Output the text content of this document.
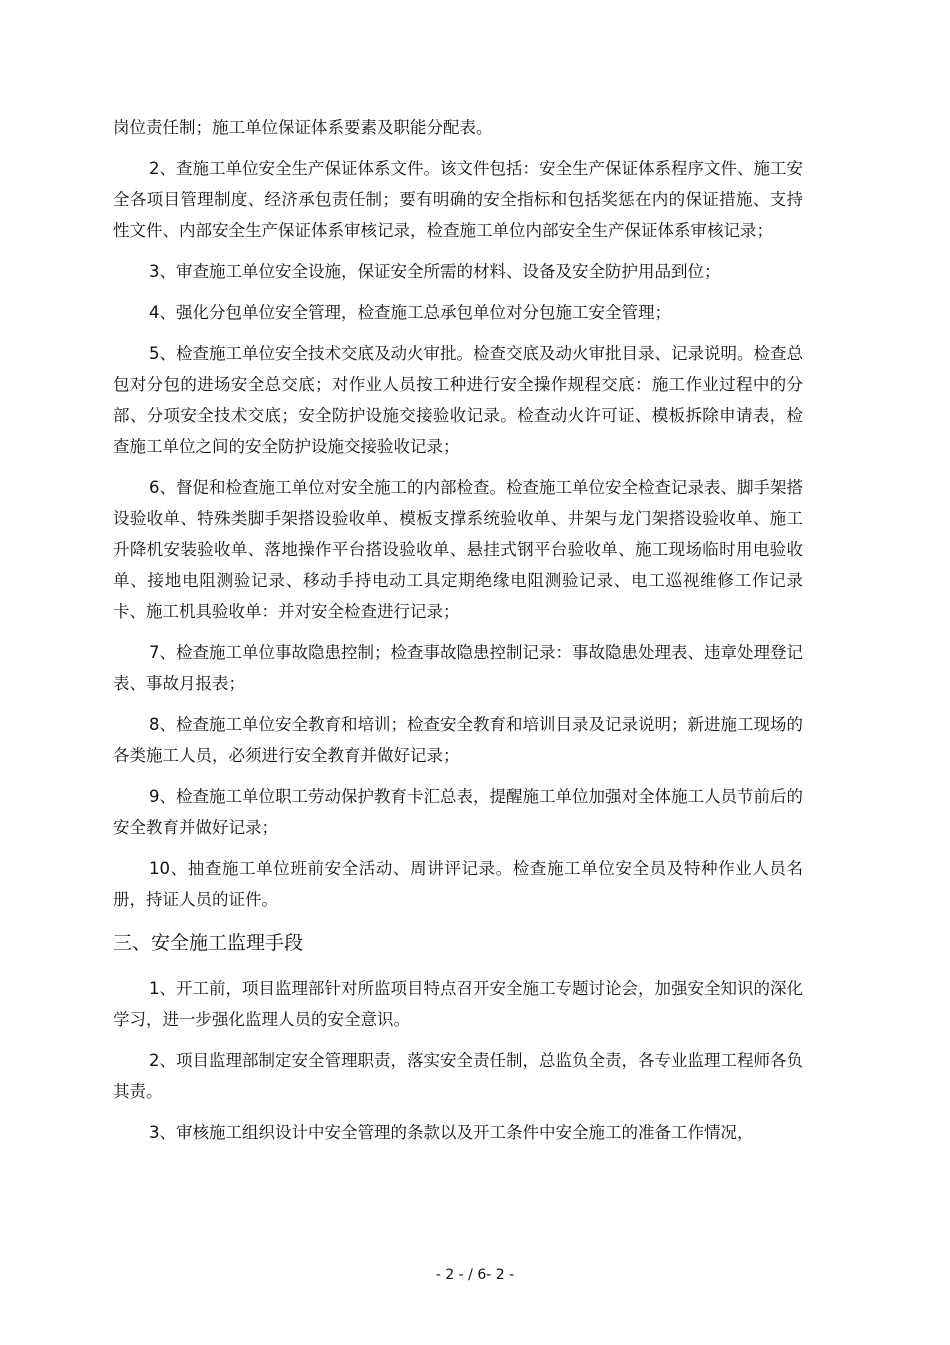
岗位责任制；施工单位保证体系要素及职能分配表。

2、查施工单位安全生产保证体系文件。该文件包括：安全生产保证体系程序文件、施工安全各项目管理制度、经济承包责任制；要有明确的安全指标和包括奖惩在内的保证措施、支持性文件、内部安全生产保证体系审核记录，检查施工单位内部安全生产保证体系审核记录；

3、审查施工单位安全设施，保证安全所需的材料、设备及安全防护用品到位；

4、强化分包单位安全管理，检查施工总承包单位对分包施工安全管理；

5、检查施工单位安全技术交底及动火审批。检查交底及动火审批目录、记录说明。检查总包对分包的进场安全总交底；对作业人员按工种进行安全操作规程交底：施工作业过程中的分部、分项安全技术交底；安全防护设施交接验收记录。检查动火许可证、模板拆除申请表，检查施工单位之间的安全防护设施交接验收记录；

6、督促和检查施工单位对安全施工的内部检查。检查施工单位安全检查记录表、脚手架搭设验收单、特殊类脚手架搭设验收单、模板支撑系统验收单、井架与龙门架搭设验收单、施工升降机安装验收单、落地操作平台搭设验收单、悬挂式钢平台验收单、施工现场临时用电验收单、接地电阻测验记录、移动手持电动工具定期绝缘电阻测验记录、电工巡视维修工作记录卡、施工机具验收单：并对安全检查进行记录；

7、检查施工单位事故隐患控制；检查事故隐患控制记录：事故隐患处理表、违章处理登记表、事故月报表；

8、检查施工单位安全教育和培训；检查安全教育和培训目录及记录说明；新进施工现场的各类施工人员，必须进行安全教育并做好记录；

9、检查施工单位职工劳动保护教育卡汇总表，提醒施工单位加强对全体施工人员节前后的安全教育并做好记录；

10、抽查施工单位班前安全活动、周讲评记录。检查施工单位安全员及特种作业人员名册，持证人员的证件。

三、安全施工监理手段

1、开工前，项目监理部针对所监项目特点召开安全施工专题讨论会，加强安全知识的深化学习，进一步强化监理人员的安全意识。

2、项目监理部制定安全管理职责，落实安全责任制，总监负全责，各专业监理工程师各负其责。

3、审核施工组织设计中安全管理的条款以及开工条件中安全施工的准备工作情况，

- 2 - / 6- 2 -
